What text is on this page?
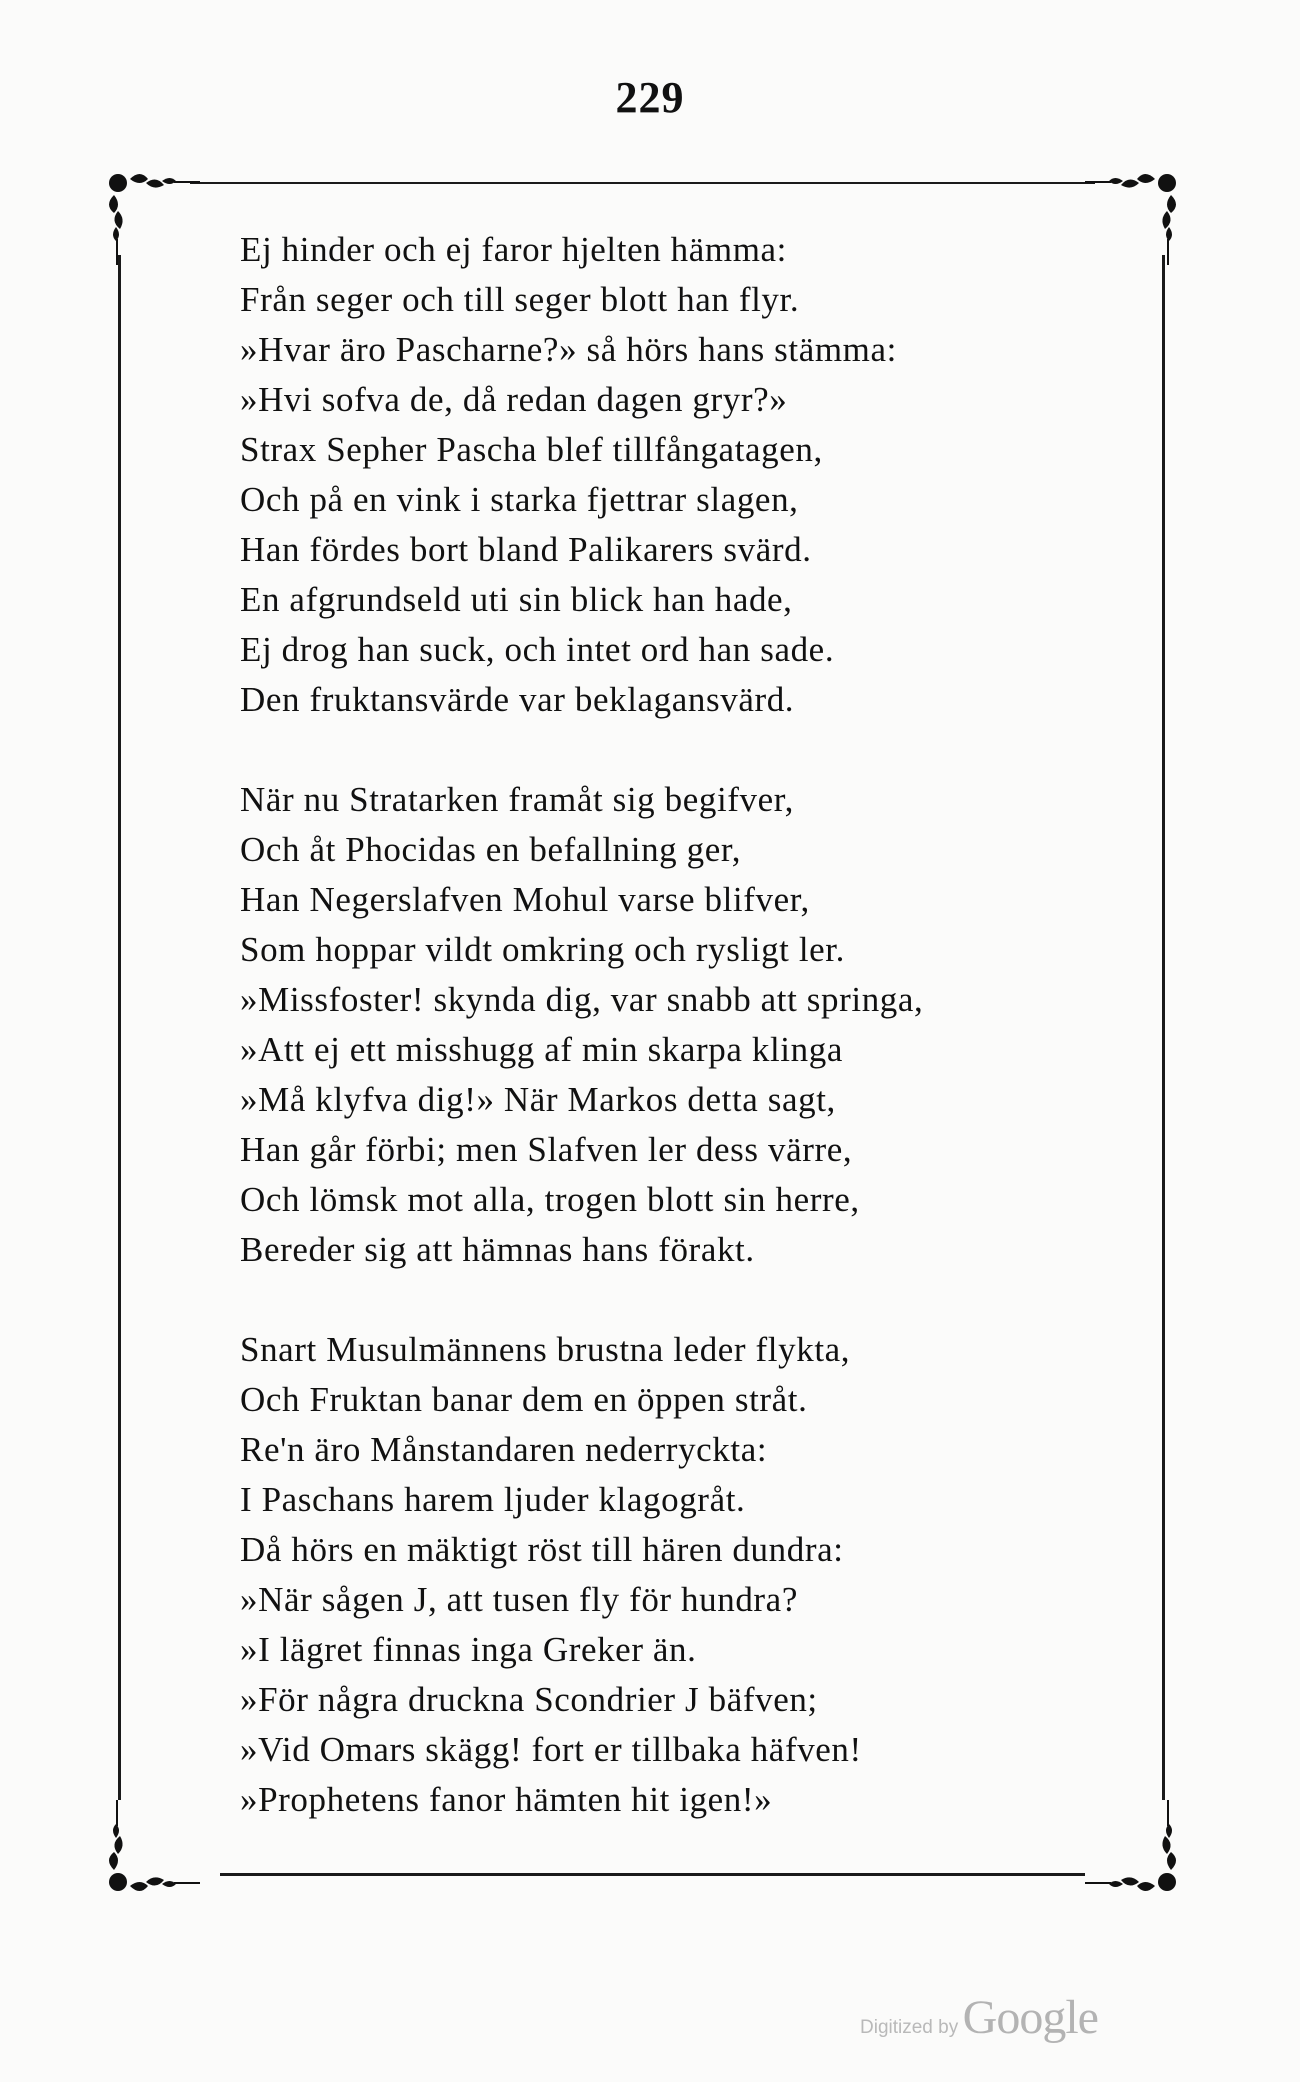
229
Ej hinder och ej faror hjelten hämma:
Från seger och till seger blott han flyr.
»Hvar äro Pascharne?» så hörs hans stämma:
»Hvi sofva de, då redan dagen gryr?»
Strax Sepher Pascha blef tillfångatagen,
Och på en vink i starka fjettrar slagen,
Han fördes bort bland Palikarers svärd.
En afgrundseld uti sin blick han hade,
Ej drog han suck, och intet ord han sade.
Den fruktansvärde var beklagansvärd.
När nu Stratarken framåt sig begifver,
Och åt Phocidas en befallning ger,
Han Negerslafven Mohul varse blifver,
Som hoppar vildt omkring och rysligt ler.
»Missfoster! skynda dig, var snabb att springa,
»Att ej ett misshugg af min skarpa klinga
»Må klyfva dig!» När Markos detta sagt,
Han går förbi; men Slafven ler dess värre,
Och lömsk mot alla, trogen blott sin herre,
Bereder sig att hämnas hans förakt.
Snart Musulmännens brustna leder flykta,
Och Fruktan banar dem en öppen stråt.
Re'n äro Månstandaren nederryckta:
I Paschans harem ljuder klagogråt.
Då hörs en mäktigt röst till hären dundra:
»När sågen J, att tusen fly för hundra?
»I lägret finnas inga Greker än.
»För några druckna Scondrier J bäfven;
»Vid Omars skägg! fort er tillbaka häfven!
»Prophetens fanor hämten hit igen!»
Digitized by Google
